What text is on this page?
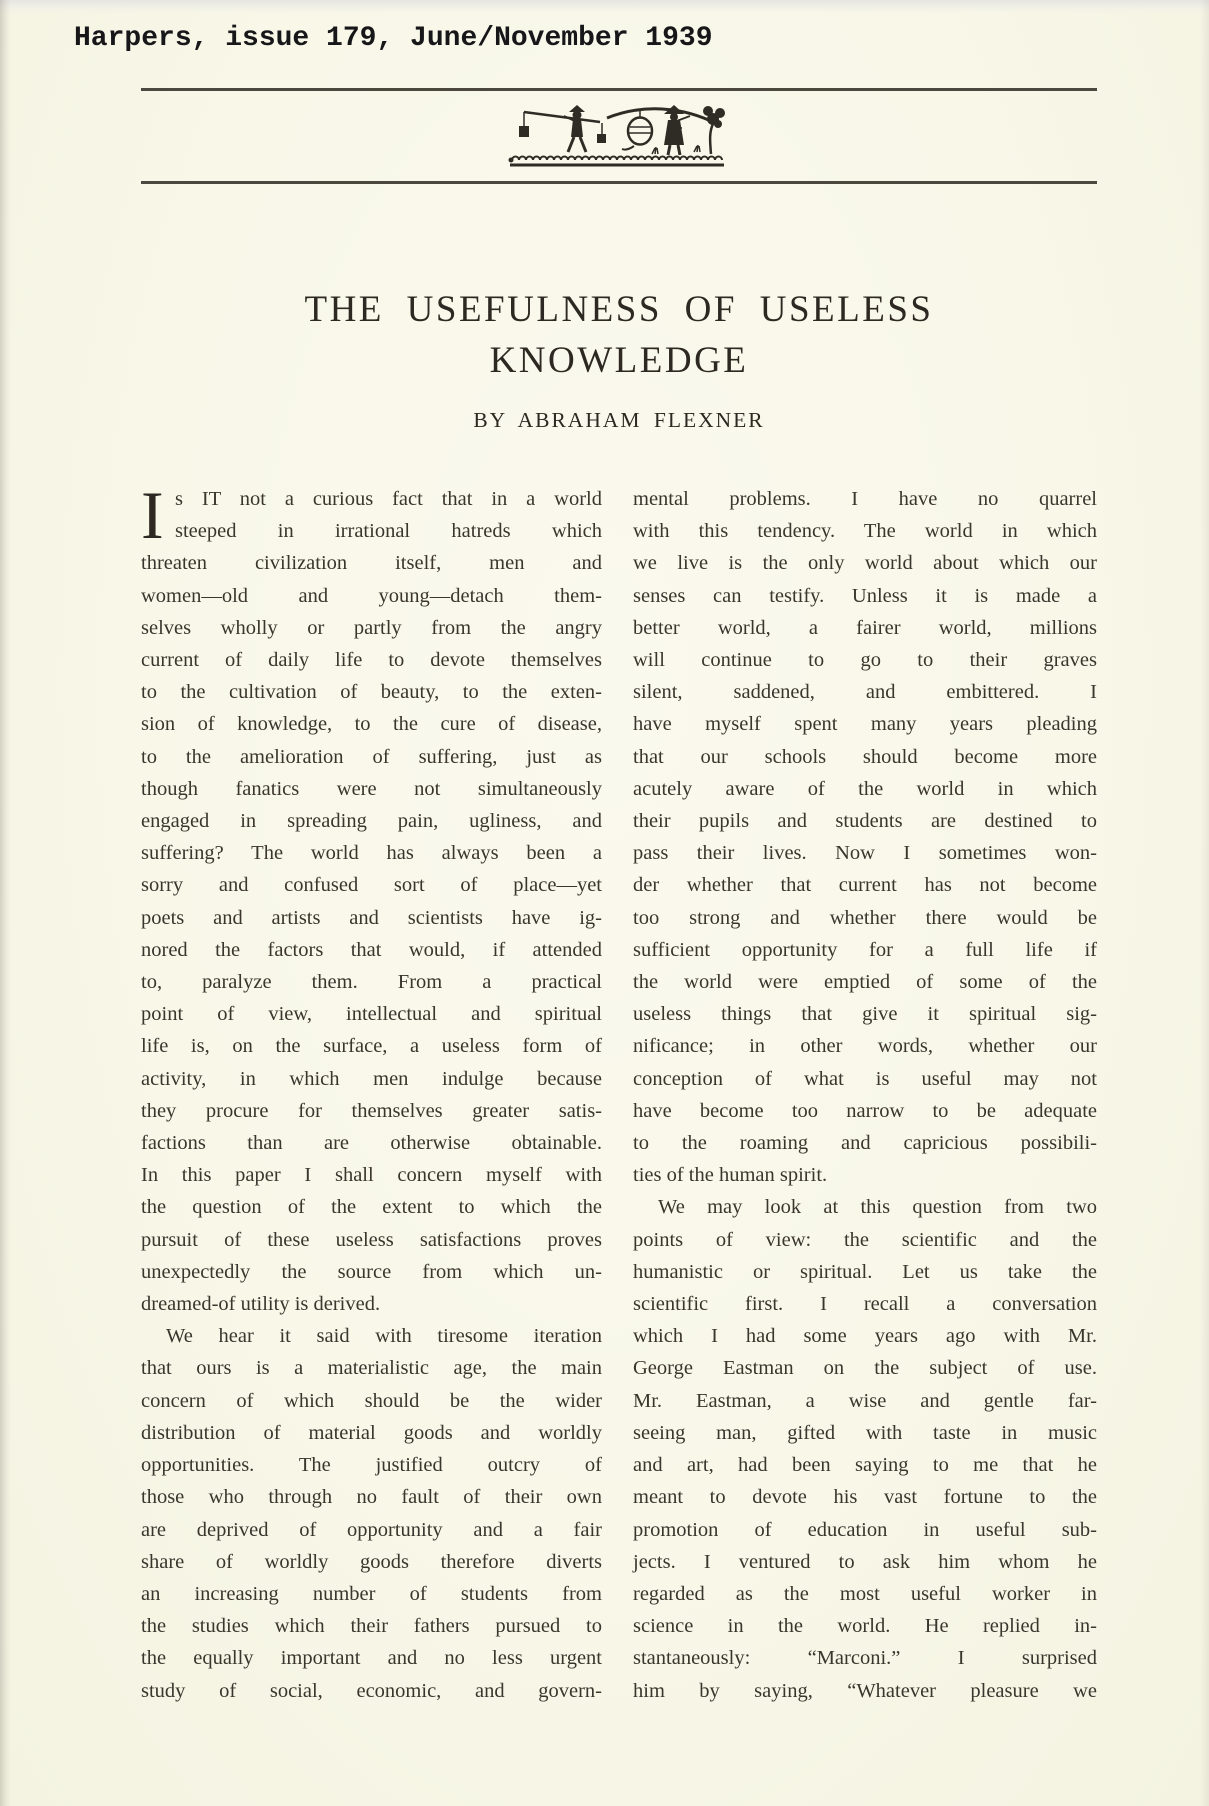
Harpers, issue 179, June/November 1939
THE USEFULNESS OF USELESS
KNOWLEDGE
BY ABRAHAM FLEXNER
I s IT not a curious fact that in a world
steeped in irrational hatreds which
threaten civilization itself, men and
women—old and young—detach them-
selves wholly or partly from the angry
current of daily life to devote themselves
to the cultivation of beauty, to the exten-
sion of knowledge, to the cure of disease,
to the amelioration of suffering, just as
though fanatics were not simultaneously
engaged in spreading pain, ugliness, and
suffering? The world has always been a
sorry and confused sort of place—yet
poets and artists and scientists have ig-
nored the factors that would, if attended
to, paralyze them. From a practical
point of view, intellectual and spiritual
life is, on the surface, a useless form of
activity, in which men indulge because
they procure for themselves greater satis-
factions than are otherwise obtainable.
In this paper I shall concern myself with
the question of the extent to which the
pursuit of these useless satisfactions proves
unexpectedly the source from which un-
dreamed-of utility is derived.
We hear it said with tiresome iteration
that ours is a materialistic age, the main
concern of which should be the wider
distribution of material goods and worldly
opportunities. The justified outcry of
those who through no fault of their own
are deprived of opportunity and a fair
share of worldly goods therefore diverts
an increasing number of students from
the studies which their fathers pursued to
the equally important and no less urgent
study of social, economic, and govern-
mental problems. I have no quarrel
with this tendency. The world in which
we live is the only world about which our
senses can testify. Unless it is made a
better world, a fairer world, millions
will continue to go to their graves
silent, saddened, and embittered. I
have myself spent many years pleading
that our schools should become more
acutely aware of the world in which
their pupils and students are destined to
pass their lives. Now I sometimes won-
der whether that current has not become
too strong and whether there would be
sufficient opportunity for a full life if
the world were emptied of some of the
useless things that give it spiritual sig-
nificance; in other words, whether our
conception of what is useful may not
have become too narrow to be adequate
to the roaming and capricious possibili-
ties of the human spirit.
We may look at this question from two
points of view: the scientific and the
humanistic or spiritual. Let us take the
scientific first. I recall a conversation
which I had some years ago with Mr.
George Eastman on the subject of use.
Mr. Eastman, a wise and gentle far-
seeing man, gifted with taste in music
and art, had been saying to me that he
meant to devote his vast fortune to the
promotion of education in useful sub-
jects. I ventured to ask him whom he
regarded as the most useful worker in
science in the world. He replied in-
stantaneously: “Marconi.” I surprised
him by saying, “Whatever pleasure we
